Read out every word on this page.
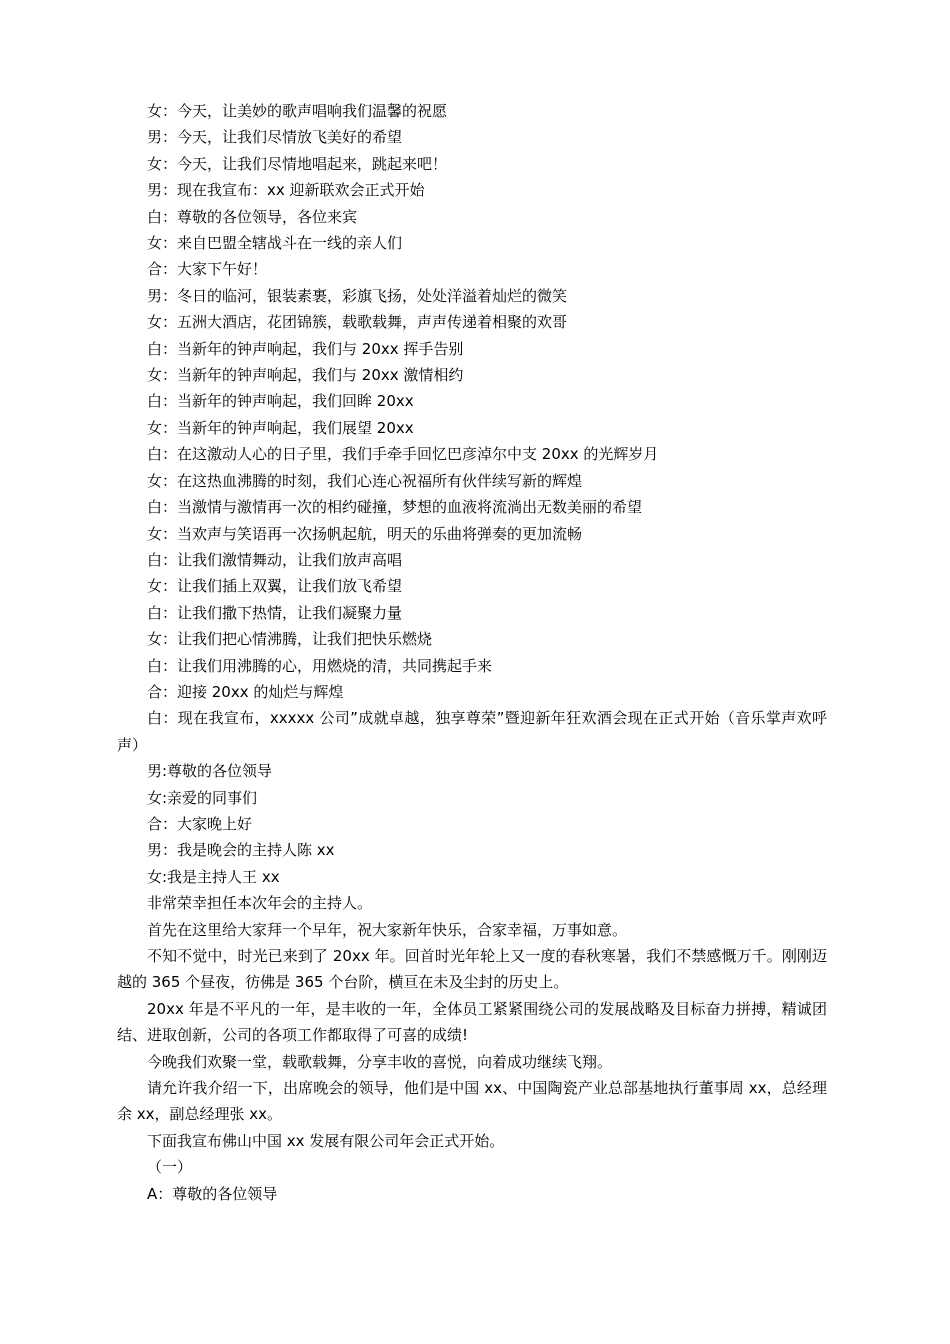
女：今天，让美妙的歌声唱响我们温馨的祝愿

男：今天，让我们尽情放飞美好的希望

女：今天，让我们尽情地唱起来，跳起来吧！

男：现在我宣布：xx 迎新联欢会正式开始

白：尊敬的各位领导，各位来宾

女：来自巴盟全辖战斗在一线的亲人们

合：大家下午好！

男：冬日的临河，银装素裹，彩旗飞扬，处处洋溢着灿烂的微笑

女：五洲大酒店，花团锦簇，载歌载舞，声声传递着相聚的欢哥

白：当新年的钟声响起，我们与 20xx 挥手告别

女：当新年的钟声响起，我们与 20xx 激情相约

白：当新年的钟声响起，我们回眸 20xx

女：当新年的钟声响起，我们展望 20xx

白：在这激动人心的日子里，我们手牵手回忆巴彦淖尔中支 20xx 的光辉岁月

女：在这热血沸腾的时刻，我们心连心祝福所有伙伴续写新的辉煌

白：当激情与激情再一次的相约碰撞，梦想的血液将流淌出无数美丽的希望

女：当欢声与笑语再一次扬帆起航，明天的乐曲将弹奏的更加流畅

白：让我们激情舞动，让我们放声高唱

女：让我们插上双翼，让我们放飞希望

白：让我们撒下热情，让我们凝聚力量

女：让我们把心情沸腾，让我们把快乐燃烧

白：让我们用沸腾的心，用燃烧的清，共同携起手来

合：迎接 20xx 的灿烂与辉煌

白：现在我宣布，xxxxx 公司”成就卓越，独享尊荣”暨迎新年狂欢酒会现在正式开始（音乐掌声欢呼声）

男:尊敬的各位领导

女:亲爱的同事们

合：大家晚上好

男：我是晚会的主持人陈 xx

女:我是主持人王 xx

非常荣幸担任本次年会的主持人。

首先在这里给大家拜一个早年，祝大家新年快乐，合家幸福，万事如意。

不知不觉中，时光已来到了 20xx 年。回首时光年轮上又一度的春秋寒暑，我们不禁感慨万千。刚刚迈越的 365 个昼夜，彷佛是 365 个台阶，横亘在未及尘封的历史上。

20xx 年是不平凡的一年，是丰收的一年，全体员工紧紧围绕公司的发展战略及目标奋力拼搏，精诚团结、进取创新，公司的各项工作都取得了可喜的成绩!

今晚我们欢聚一堂，载歌载舞，分享丰收的喜悦，向着成功继续飞翔。

请允许我介绍一下，出席晚会的领导，他们是中国 xx、中国陶瓷产业总部基地执行董事周 xx，总经理余 xx，副总经理张 xx。

下面我宣布佛山中国 xx 发展有限公司年会正式开始。

（一）

A：尊敬的各位领导
